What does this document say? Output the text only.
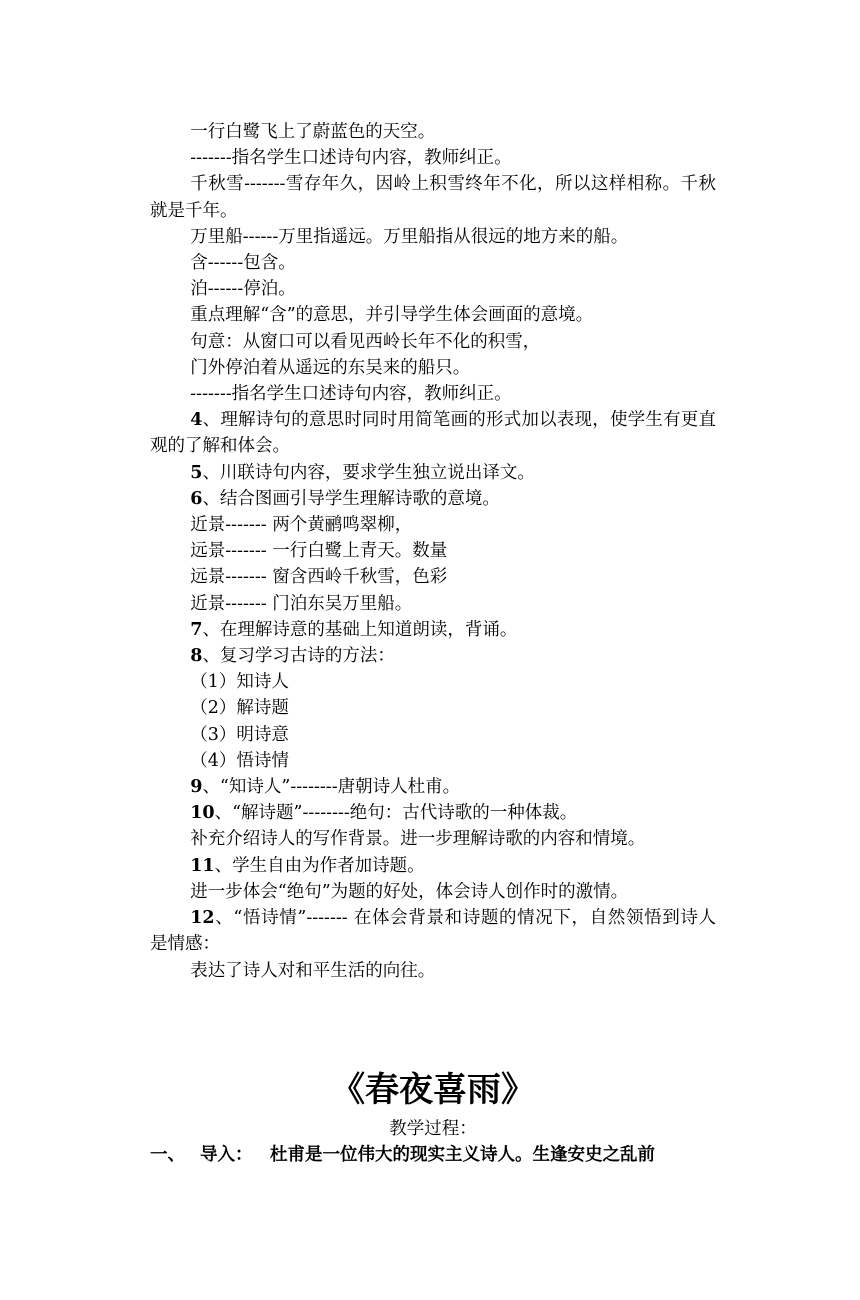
一行白鹭飞上了蔚蓝色的天空。

-------指名学生口述诗句内容，教师纠正。

千秋雪-------雪存年久，因岭上积雪终年不化，所以这样相称。千秋就是千年。

万里船------万里指遥远。万里船指从很远的地方来的船。

含------包含。

泊------停泊。

重点理解“含”的意思，并引导学生体会画面的意境。

句意：从窗口可以看见西岭长年不化的积雪，

门外停泊着从遥远的东吴来的船只。

-------指名学生口述诗句内容，教师纠正。

4、理解诗句的意思时同时用简笔画的形式加以表现，使学生有更直观的了解和体会。

5、川联诗句内容，要求学生独立说出译文。

6、结合图画引导学生理解诗歌的意境。

近景------- 两个黄鹂鸣翠柳，

远景------- 一行白鹭上青天。数量

远景------- 窗含西岭千秋雪，色彩

近景------- 门泊东吴万里船。

7、在理解诗意的基础上知道朗读，背诵。

8、复习学习古诗的方法：

（1）知诗人

（2）解诗题

（3）明诗意

（4）悟诗情

9、“知诗人”--------唐朝诗人杜甫。

10、“解诗题”--------绝句：古代诗歌的一种体裁。

补充介绍诗人的写作背景。进一步理解诗歌的内容和情境。

11、学生自由为作者加诗题。

进一步体会“绝句”为题的好处，体会诗人创作时的激情。

12、“悟诗情”------- 在体会背景和诗题的情况下，自然领悟到诗人是情感：

表达了诗人对和平生活的向往。

《春夜喜雨》

教学过程：

一、 导入： 杜甫是一位伟大的现实主义诗人。生逢安史之乱前
